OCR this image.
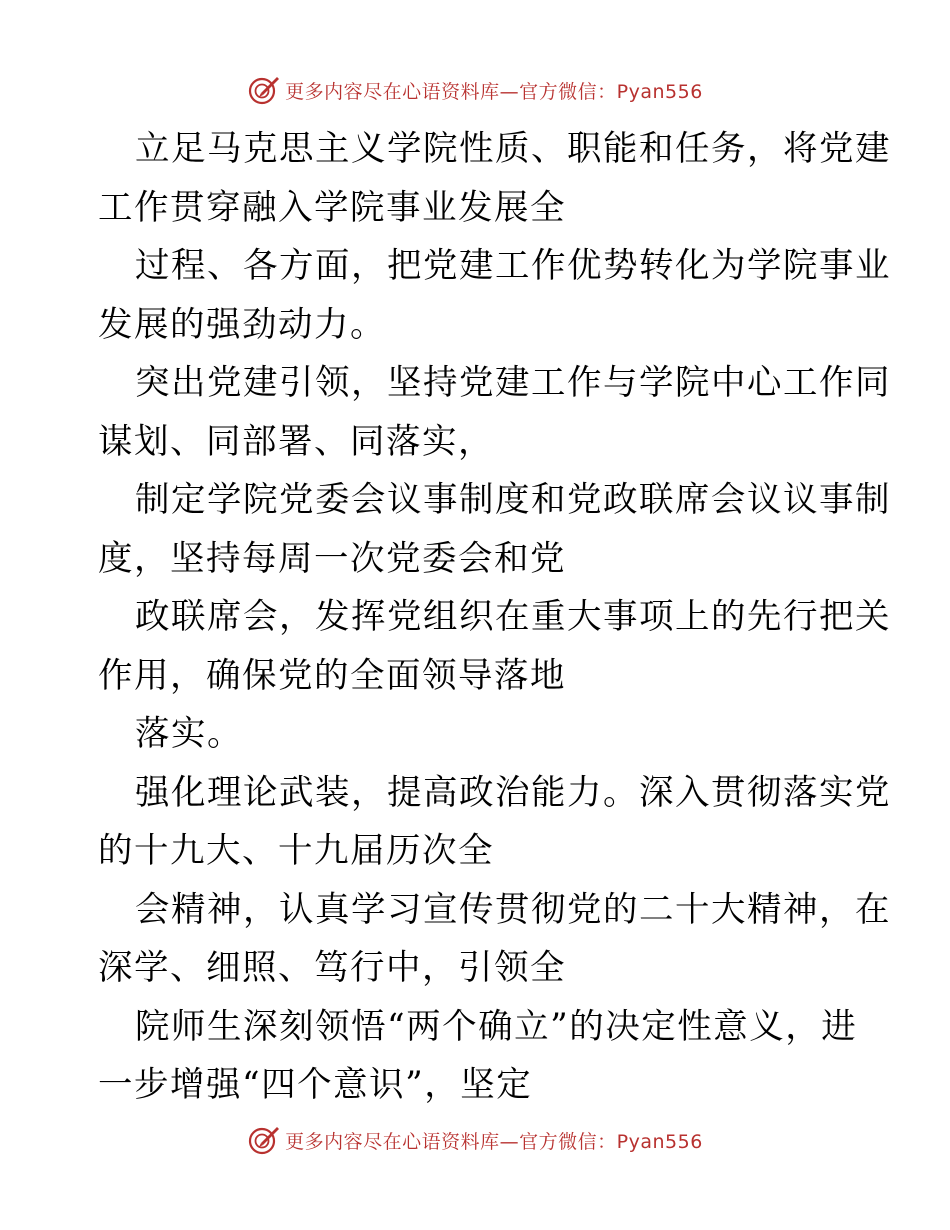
更多内容尽在心语资料库—官方微信：Pyan556
立足马克思主义学院性质、职能和任务，将党建
工作贯穿融入学院事业发展全
过程、各方面，把党建工作优势转化为学院事业
发展的强劲动力。
突出党建引领，坚持党建工作与学院中心工作同
谋划、同部署、同落实，
制定学院党委会议事制度和党政联席会议议事制
度，坚持每周一次党委会和党
政联席会，发挥党组织在重大事项上的先行把关
作用，确保党的全面领导落地
落实。
强化理论武装，提高政治能力。深入贯彻落实党
的十九大、十九届历次全
会精神，认真学习宣传贯彻党的二十大精神，在
深学、细照、笃行中，引领全
院师生深刻领悟“两个确立”的决定性意义，进
一步增强“四个意识”，坚定
更多内容尽在心语资料库—官方微信：Pyan556
